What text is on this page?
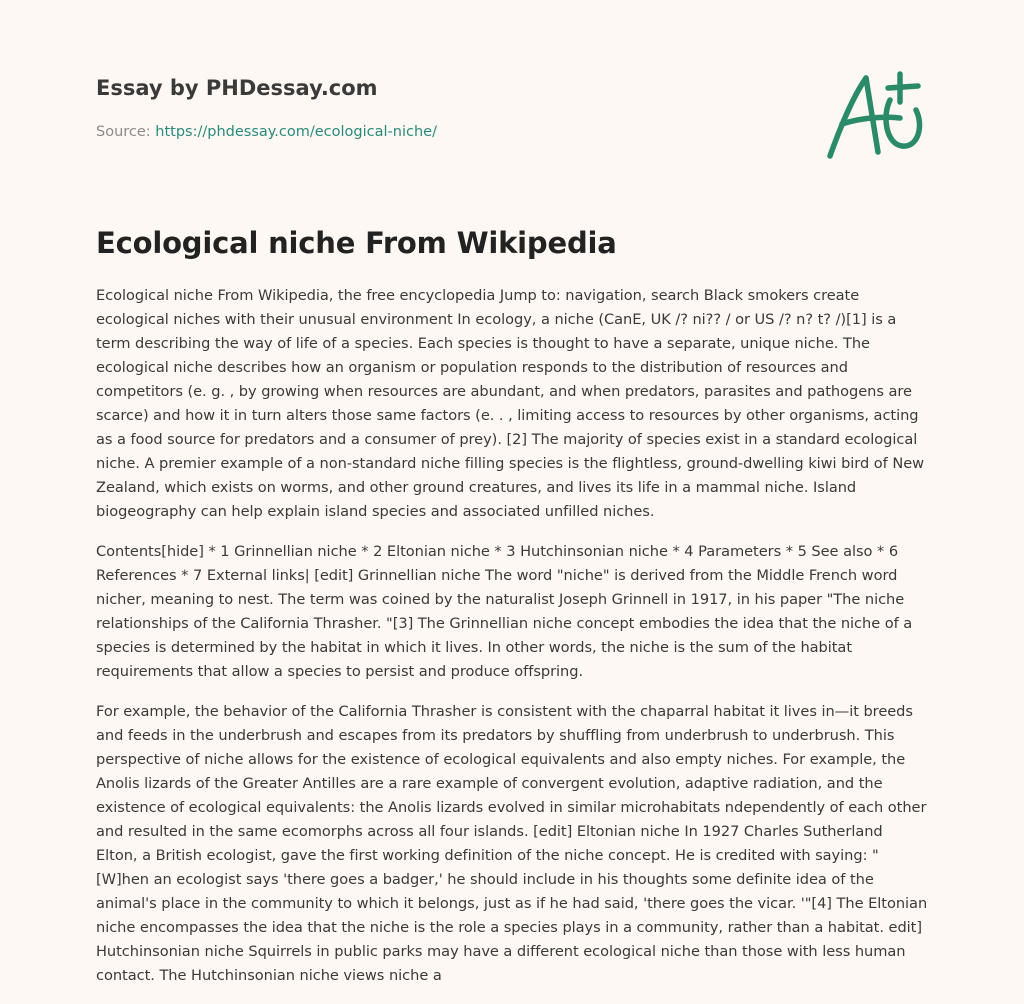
Essay by PHDessay.com

Source: https://phdessay.com/ecological-niche/

Ecological niche From Wikipedia

Ecological niche From Wikipedia, the free encyclopedia Jump to: navigation, search Black smokers create ecological niches with their unusual environment In ecology, a niche (CanE, UK /? ni?? / or US /? n? t? /)[1] is a term describing the way of life of a species. Each species is thought to have a separate, unique niche. The ecological niche describes how an organism or population responds to the distribution of resources and competitors (e. g. , by growing when resources are abundant, and when predators, parasites and pathogens are scarce) and how it in turn alters those same factors (e. . , limiting access to resources by other organisms, acting as a food source for predators and a consumer of prey). [2] The majority of species exist in a standard ecological niche. A premier example of a non-standard niche filling species is the flightless, ground-dwelling kiwi bird of New Zealand, which exists on worms, and other ground creatures, and lives its life in a mammal niche. Island biogeography can help explain island species and associated unfilled niches.

Contents[hide] * 1 Grinnellian niche * 2 Eltonian niche * 3 Hutchinsonian niche * 4 Parameters * 5 See also * 6 References * 7 External links| [edit] Grinnellian niche The word "niche" is derived from the Middle French word nicher, meaning to nest. The term was coined by the naturalist Joseph Grinnell in 1917, in his paper "The niche relationships of the California Thrasher. "[3] The Grinnellian niche concept embodies the idea that the niche of a species is determined by the habitat in which it lives. In other words, the niche is the sum of the habitat requirements that allow a species to persist and produce offspring.

For example, the behavior of the California Thrasher is consistent with the chaparral habitat it lives in—it breeds and feeds in the underbrush and escapes from its predators by shuffling from underbrush to underbrush. This perspective of niche allows for the existence of ecological equivalents and also empty niches. For example, the Anolis lizards of the Greater Antilles are a rare example of convergent evolution, adaptive radiation, and the existence of ecological equivalents: the Anolis lizards evolved in similar microhabitats ndependently of each other and resulted in the same ecomorphs across all four islands. [edit] Eltonian niche In 1927 Charles Sutherland Elton, a British ecologist, gave the first working definition of the niche concept. He is credited with saying: "[W]hen an ecologist says 'there goes a badger,' he should include in his thoughts some definite idea of the animal's place in the community to which it belongs, just as if he had said, 'there goes the vicar. '"[4] The Eltonian niche encompasses the idea that the niche is the role a species plays in a community, rather than a habitat. edit] Hutchinsonian niche Squirrels in public parks may have a different ecological niche than those with less human contact. The Hutchinsonian niche views niche a
